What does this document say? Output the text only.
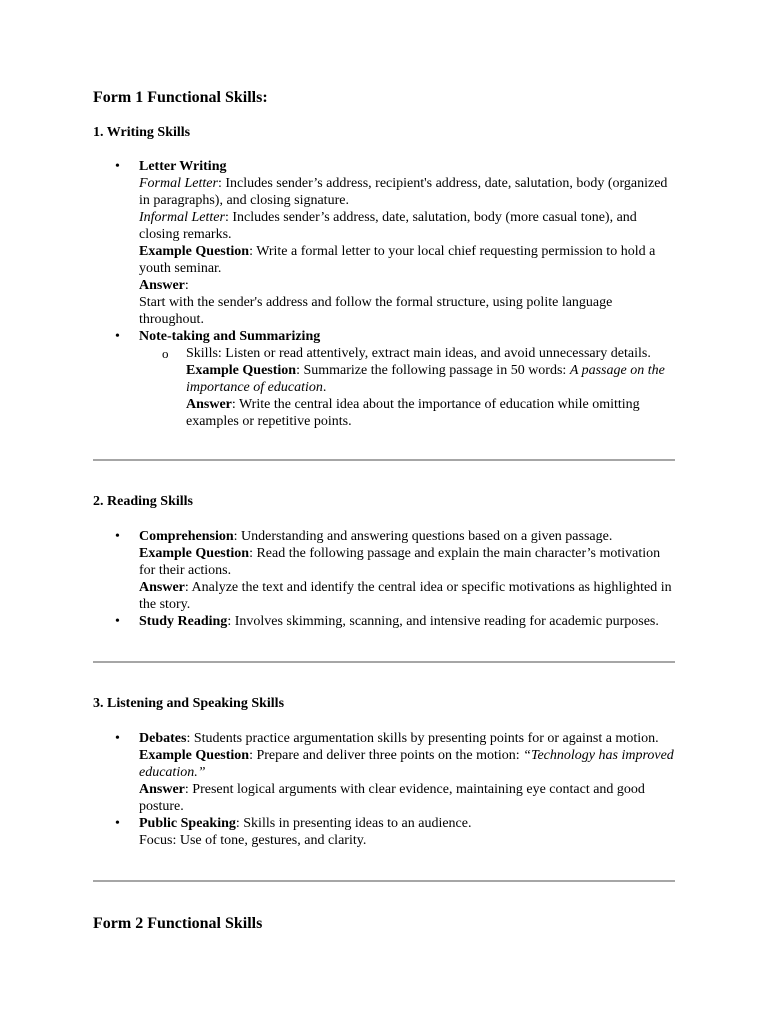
Form 1 Functional Skills:
1. Writing Skills
• Letter Writing
Formal Letter: Includes sender’s address, recipient's address, date, salutation, body (organized in paragraphs), and closing signature.
Informal Letter: Includes sender’s address, date, salutation, body (more casual tone), and closing remarks.
Example Question: Write a formal letter to your local chief requesting permission to hold a youth seminar.
Answer:
Start with the sender's address and follow the formal structure, using polite language throughout.
• Note-taking and Summarizing
o Skills: Listen or read attentively, extract main ideas, and avoid unnecessary details.
Example Question: Summarize the following passage in 50 words: A passage on the importance of education.
Answer: Write the central idea about the importance of education while omitting examples or repetitive points.
2. Reading Skills
• Comprehension: Understanding and answering questions based on a given passage.
Example Question: Read the following passage and explain the main character’s motivation for their actions.
Answer: Analyze the text and identify the central idea or specific motivations as highlighted in the story.
• Study Reading: Involves skimming, scanning, and intensive reading for academic purposes.
3. Listening and Speaking Skills
• Debates: Students practice argumentation skills by presenting points for or against a motion.
Example Question: Prepare and deliver three points on the motion: “Technology has improved education.”
Answer: Present logical arguments with clear evidence, maintaining eye contact and good posture.
• Public Speaking: Skills in presenting ideas to an audience.
Focus: Use of tone, gestures, and clarity.
Form 2 Functional Skills
